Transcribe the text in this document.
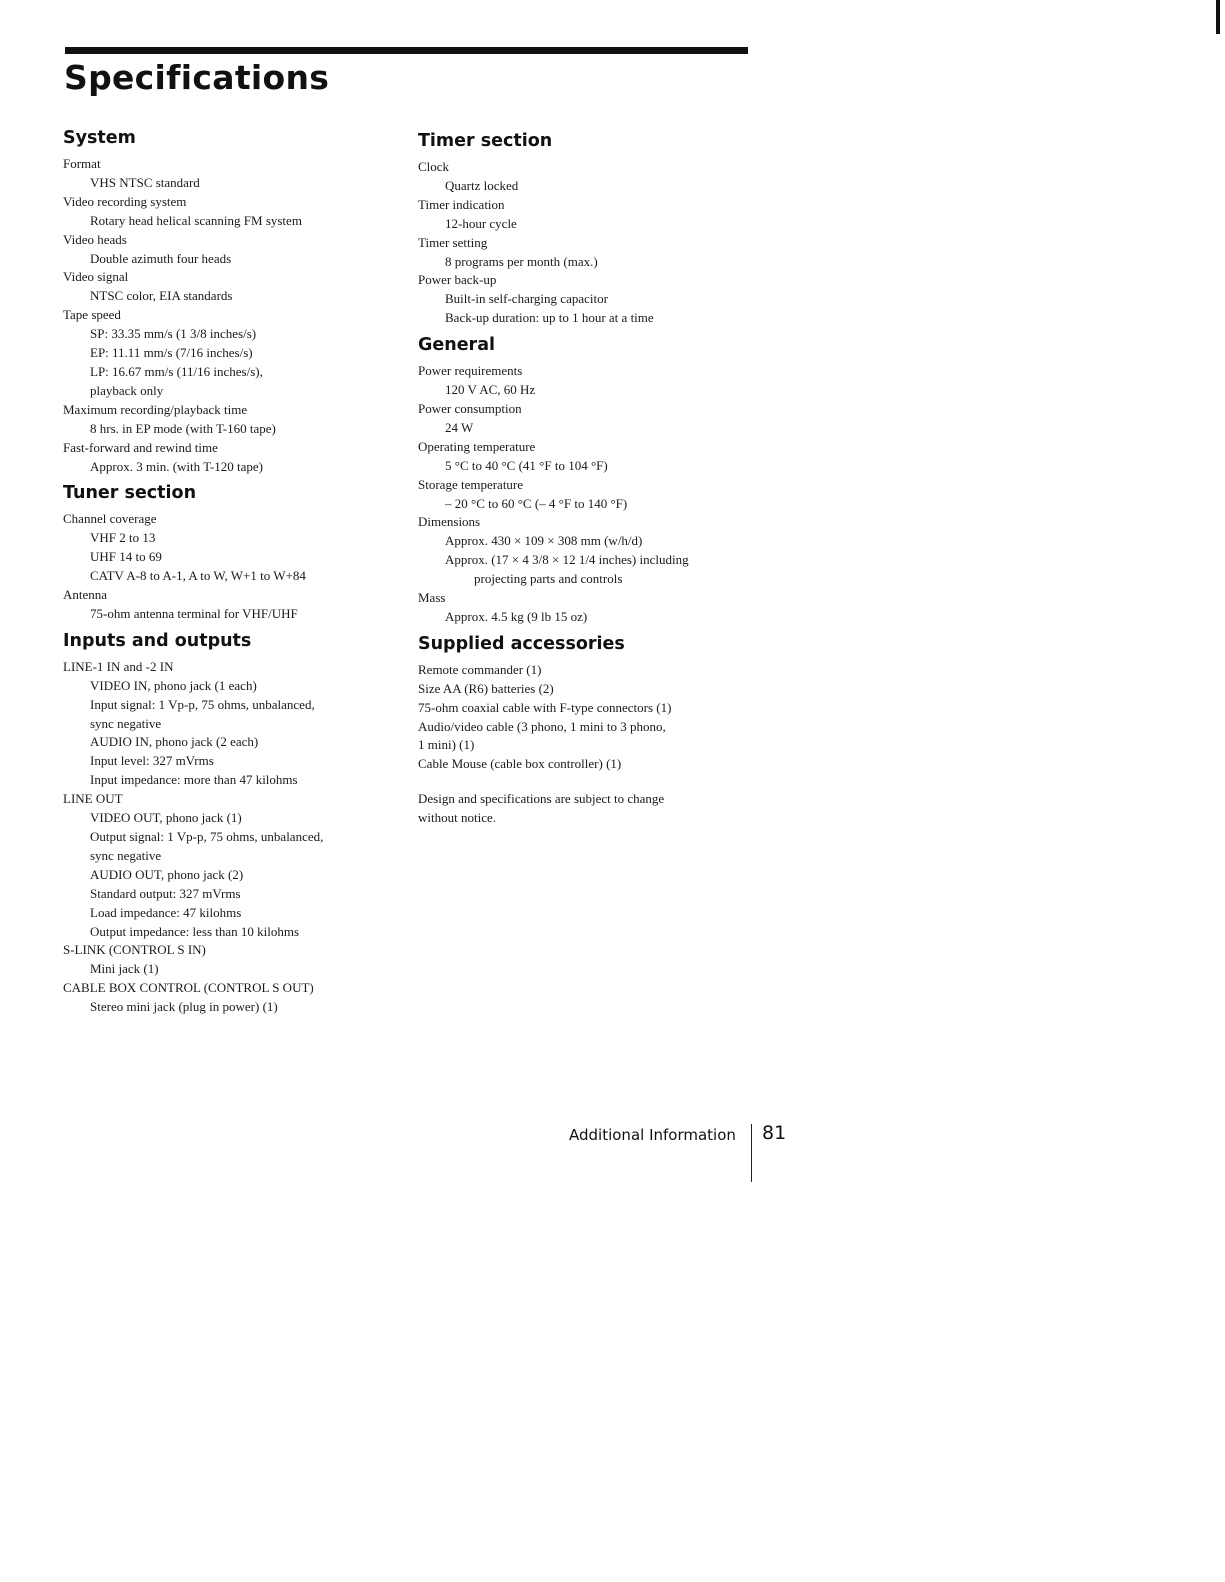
Specifications
System
Format
VHS NTSC standard
Video recording system
Rotary head helical scanning FM system
Video heads
Double azimuth four heads
Video signal
NTSC color, EIA standards
Tape speed
SP: 33.35 mm/s (1 3/8 inches/s)
EP: 11.11 mm/s (7/16 inches/s)
LP: 16.67 mm/s (11/16 inches/s),
playback only
Maximum recording/playback time
8 hrs. in EP mode (with T-160 tape)
Fast-forward and rewind time
Approx. 3 min. (with T-120 tape)
Tuner section
Channel coverage
VHF 2 to 13
UHF 14 to 69
CATV A-8 to A-1, A to W, W+1 to W+84
Antenna
75-ohm antenna terminal for VHF/UHF
Inputs and outputs
LINE-1 IN and -2 IN
VIDEO IN, phono jack (1 each)
Input signal: 1 Vp-p, 75 ohms, unbalanced,
sync negative
AUDIO IN, phono jack (2 each)
Input level: 327 mVrms
Input impedance: more than 47 kilohms
LINE OUT
VIDEO OUT, phono jack (1)
Output signal: 1 Vp-p, 75 ohms, unbalanced,
sync negative
AUDIO OUT, phono jack (2)
Standard output: 327 mVrms
Load impedance: 47 kilohms
Output impedance: less than 10 kilohms
S-LINK (CONTROL S IN)
Mini jack (1)
CABLE BOX CONTROL (CONTROL S OUT)
Stereo mini jack (plug in power) (1)
Timer section
Clock
Quartz locked
Timer indication
12-hour cycle
Timer setting
8 programs per month (max.)
Power back-up
Built-in self-charging capacitor
Back-up duration: up to 1 hour at a time
General
Power requirements
120 V AC, 60 Hz
Power consumption
24 W
Operating temperature
5 °C to 40 °C (41 °F to 104 °F)
Storage temperature
– 20 °C to 60 °C (– 4 °F to 140 °F)
Dimensions
Approx. 430 × 109 × 308 mm (w/h/d)
Approx. (17 × 4 3/8 × 12 1/4 inches) including
projecting parts and controls
Mass
Approx. 4.5 kg (9 lb 15 oz)
Supplied accessories
Remote commander (1)
Size AA (R6) batteries (2)
75-ohm coaxial cable with F-type connectors (1)
Audio/video cable (3 phono, 1 mini to 3 phono,
1 mini) (1)
Cable Mouse (cable box controller) (1)
Design and specifications are subject to change
without notice.
Additional Information 81
